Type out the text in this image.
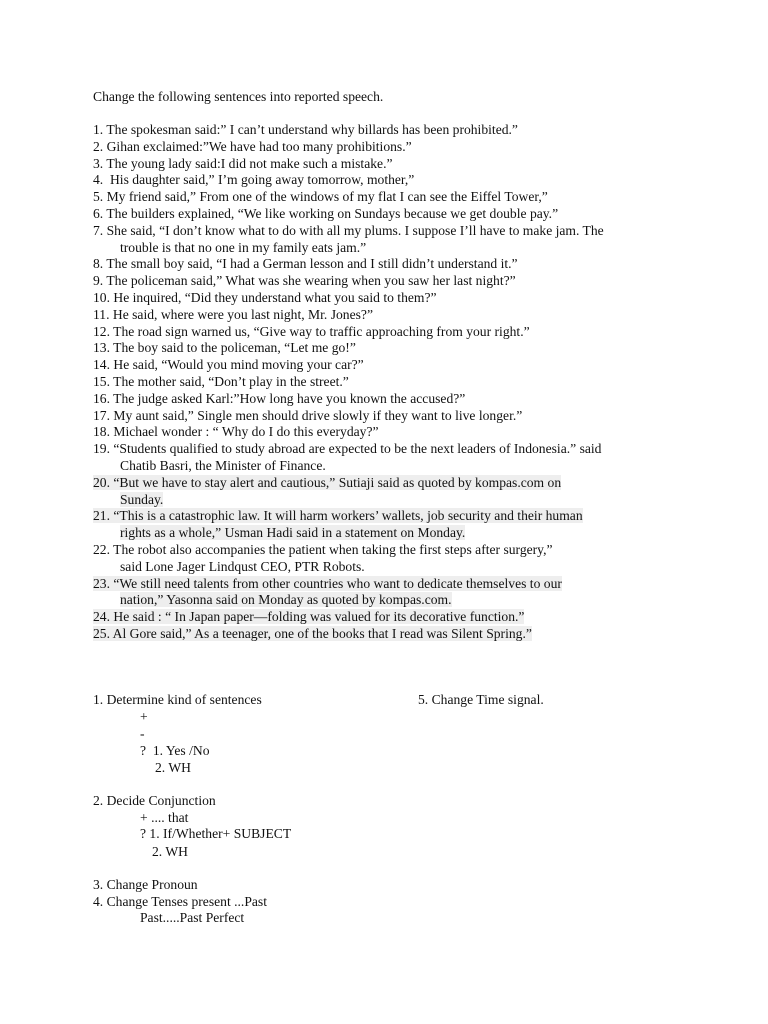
Change the following sentences into reported speech.
1. The spokesman said:” I can’t understand why billards has been prohibited.”
2. Gihan exclaimed:”We have had too many prohibitions.”
3. The young lady said:I did not make such a mistake.”
4.  His daughter said,” I’m going away tomorrow, mother,”
5. My friend said,” From one of the windows of my flat I can see the Eiffel Tower,”
6. The builders explained, “We like working on Sundays because we get double pay.”
7. She said, “I don’t know what to do with all my plums. I suppose I’ll have to make jam. The
trouble is that no one in my family eats jam.”
8. The small boy said, “I had a German lesson and I still didn’t understand it.”
9. The policeman said,” What was she wearing when you saw her last night?”
10. He inquired, “Did they understand what you said to them?”
11. He said, where were you last night, Mr. Jones?”
12. The road sign warned us, “Give way to traffic approaching from your right.”
13. The boy said to the policeman, “Let me go!”
14. He said, “Would you mind moving your car?”
15. The mother said, “Don’t play in the street.”
16. The judge asked Karl:”How long have you known the accused?”
17. My aunt said,” Single men should drive slowly if they want to live longer.”
18. Michael wonder : “ Why do I do this everyday?”
19. “Students qualified to study abroad are expected to be the next leaders of Indonesia.” said
Chatib Basri, the Minister of Finance.
20. “But we have to stay alert and cautious,” Sutiaji said as quoted by kompas.com on
Sunday.
21. “This is a catastrophic law. It will harm workers’ wallets, job security and their human
rights as a whole,” Usman Hadi said in a statement on Monday.
22. The robot also accompanies the patient when taking the first steps after surgery,”
said Lone Jager Lindqust CEO, PTR Robots.
23. “We still need talents from other countries who want to dedicate themselves to our
nation,” Yasonna said on Monday as quoted by kompas.com.
24. He said : “ In Japan paper—folding was valued for its decorative function.”
25. Al Gore said,” As a teenager, one of the books that I read was Silent Spring.”
1. Determine kind of sentences	5. Change Time signal.
+
-
?  1. Yes /No
2. WH
2. Decide Conjunction
+ .... that
? 1. If/Whether+ SUBJECT
2. WH
3. Change Pronoun
4. Change Tenses present ...Past
Past.....Past Perfect
